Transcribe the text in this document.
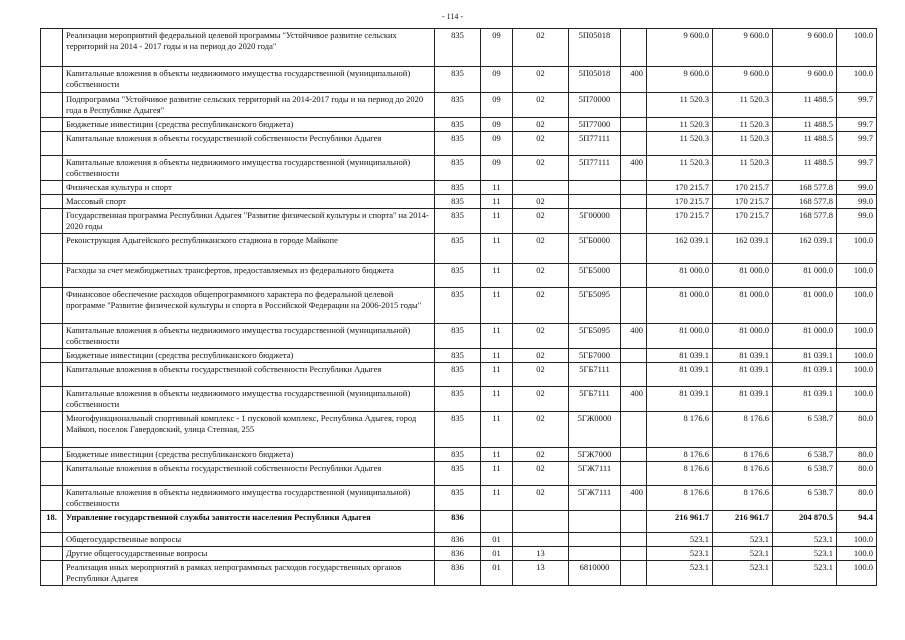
- 114 -
	Реализация мероприятий федеральной целевой программы "Устойчивое развитие сельских территорий на 2014 - 2017 годы и на период до 2020 года"	835	09	02	5П05018		9 600.0	9 600.0	9 600.0	100.0
	Капитальные вложения в объекты недвижимого имущества государственной (муниципальной) собственности	835	09	02	5П05018	400	9 600.0	9 600.0	9 600.0	100.0
	Подпрограмма "Устойчивое развитие сельских территорий на 2014-2017 годы и на период до 2020 года в Республике Адыгея"	835	09	02	5П70000		11 520.3	11 520.3	11 488.5	99.7
	Бюджетные инвестиции (средства республиканского бюджета)	835	09	02	5П77000		11 520.3	11 520.3	11 488.5	99.7
	Капитальные вложения в объекты государственной собственности Республики Адыгея	835	09	02	5П77111		11 520.3	11 520.3	11 488.5	99.7
	Капитальные вложения в объекты недвижимого имущества государственной (муниципальной) собственности	835	09	02	5П77111	400	11 520.3	11 520.3	11 488.5	99.7
	Физическая культура и спорт	835	11				170 215.7	170 215.7	168 577.8	99.0
	Массовый спорт	835	11	02			170 215.7	170 215.7	168 577.8	99.0
	Государственная программа Республики Адыгея "Развитие физической культуры и спорта" на 2014-2020 годы	835	11	02	5Г00000		170 215.7	170 215.7	168 577.8	99.0
	Реконструкция Адыгейского республиканского стадиона в городе Майкопе	835	11	02	5ГБ0000		162 039.1	162 039.1	162 039.1	100.0
	Расходы за счет межбюджетных трансфертов, предоставляемых из федерального бюджета	835	11	02	5ГБ5000		81 000.0	81 000.0	81 000.0	100.0
	Финансовое обеспечение расходов общепрограммного характера по федеральной целевой программе "Развитие физической культуры и спорта в Российской Федерации на 2006-2015 годы"	835	11	02	5ГБ5095		81 000.0	81 000.0	81 000.0	100.0
	Капитальные вложения в объекты недвижимого имущества государственной (муниципальной) собственности	835	11	02	5ГБ5095	400	81 000.0	81 000.0	81 000.0	100.0
	Бюджетные инвестиции (средства республиканского бюджета)	835	11	02	5ГБ7000		81 039.1	81 039.1	81 039.1	100.0
	Капитальные вложения в объекты государственной собственности Республики Адыгея	835	11	02	5ГБ7111		81 039.1	81 039.1	81 039.1	100.0
	Капитальные вложения в объекты недвижимого имущества государственной (муниципальной) собственности	835	11	02	5ГБ7111	400	81 039.1	81 039.1	81 039.1	100.0
	Многофункциональный спортивный комплекс - 1 пусковой комплекс, Республика Адыгея, город Майкоп, поселок Гавердовский, улица Степная, 255	835	11	02	5ГЖ0000		8 176.6	8 176.6	6 538.7	80.0
	Бюджетные инвестиции (средства республиканского бюджета)	835	11	02	5ГЖ7000		8 176.6	8 176.6	6 538.7	80.0
	Капитальные вложения в объекты государственной собственности Республики Адыгея	835	11	02	5ГЖ7111		8 176.6	8 176.6	6 538.7	80.0
	Капитальные вложения в объекты недвижимого имущества государственной (муниципальной) собственности	835	11	02	5ГЖ7111	400	8 176.6	8 176.6	6 538.7	80.0
18.	Управление государственной службы занятости населения Республики Адыгея	836					216 961.7	216 961.7	204 870.5	94.4
	Общегосударственные вопросы	836	01				523.1	523.1	523.1	100.0
	Другие общегосударственные вопросы	836	01	13			523.1	523.1	523.1	100.0
	Реализация иных мероприятий в рамках непрограммных расходов государственных органов Республики Адыгея	836	01	13	6810000		523.1	523.1	523.1	100.0
